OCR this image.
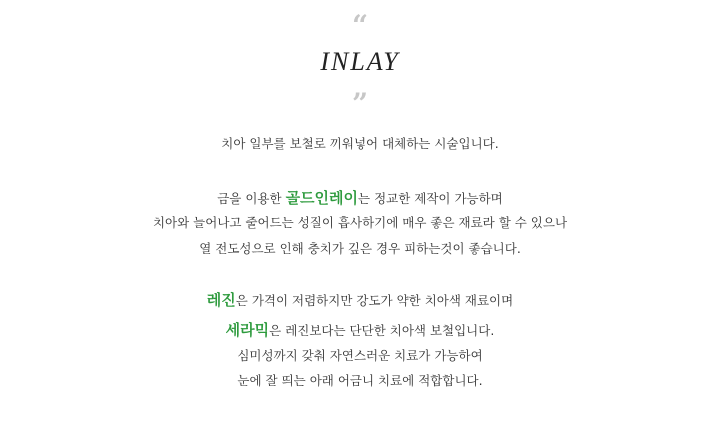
“
INLAY
”
치아 일부를 보철로 끼워넣어 대체하는 시술입니다.
금을 이용한 골드인레이는 정교한 제작이 가능하며
치아와 늘어나고 줄어드는 성질이 흡사하기에 매우 좋은 재료라 할 수 있으나
열 전도성으로 인해 충치가 깊은 경우 피하는것이 좋습니다.
레진은 가격이 저렴하지만 강도가 약한 치아색 재료이며
세라믹은 레진보다는 단단한 치아색 보철입니다.
심미성까지 갖춰 자연스러운 치료가 가능하여
눈에 잘 띄는 아래 어금니 치료에 적합합니다.
